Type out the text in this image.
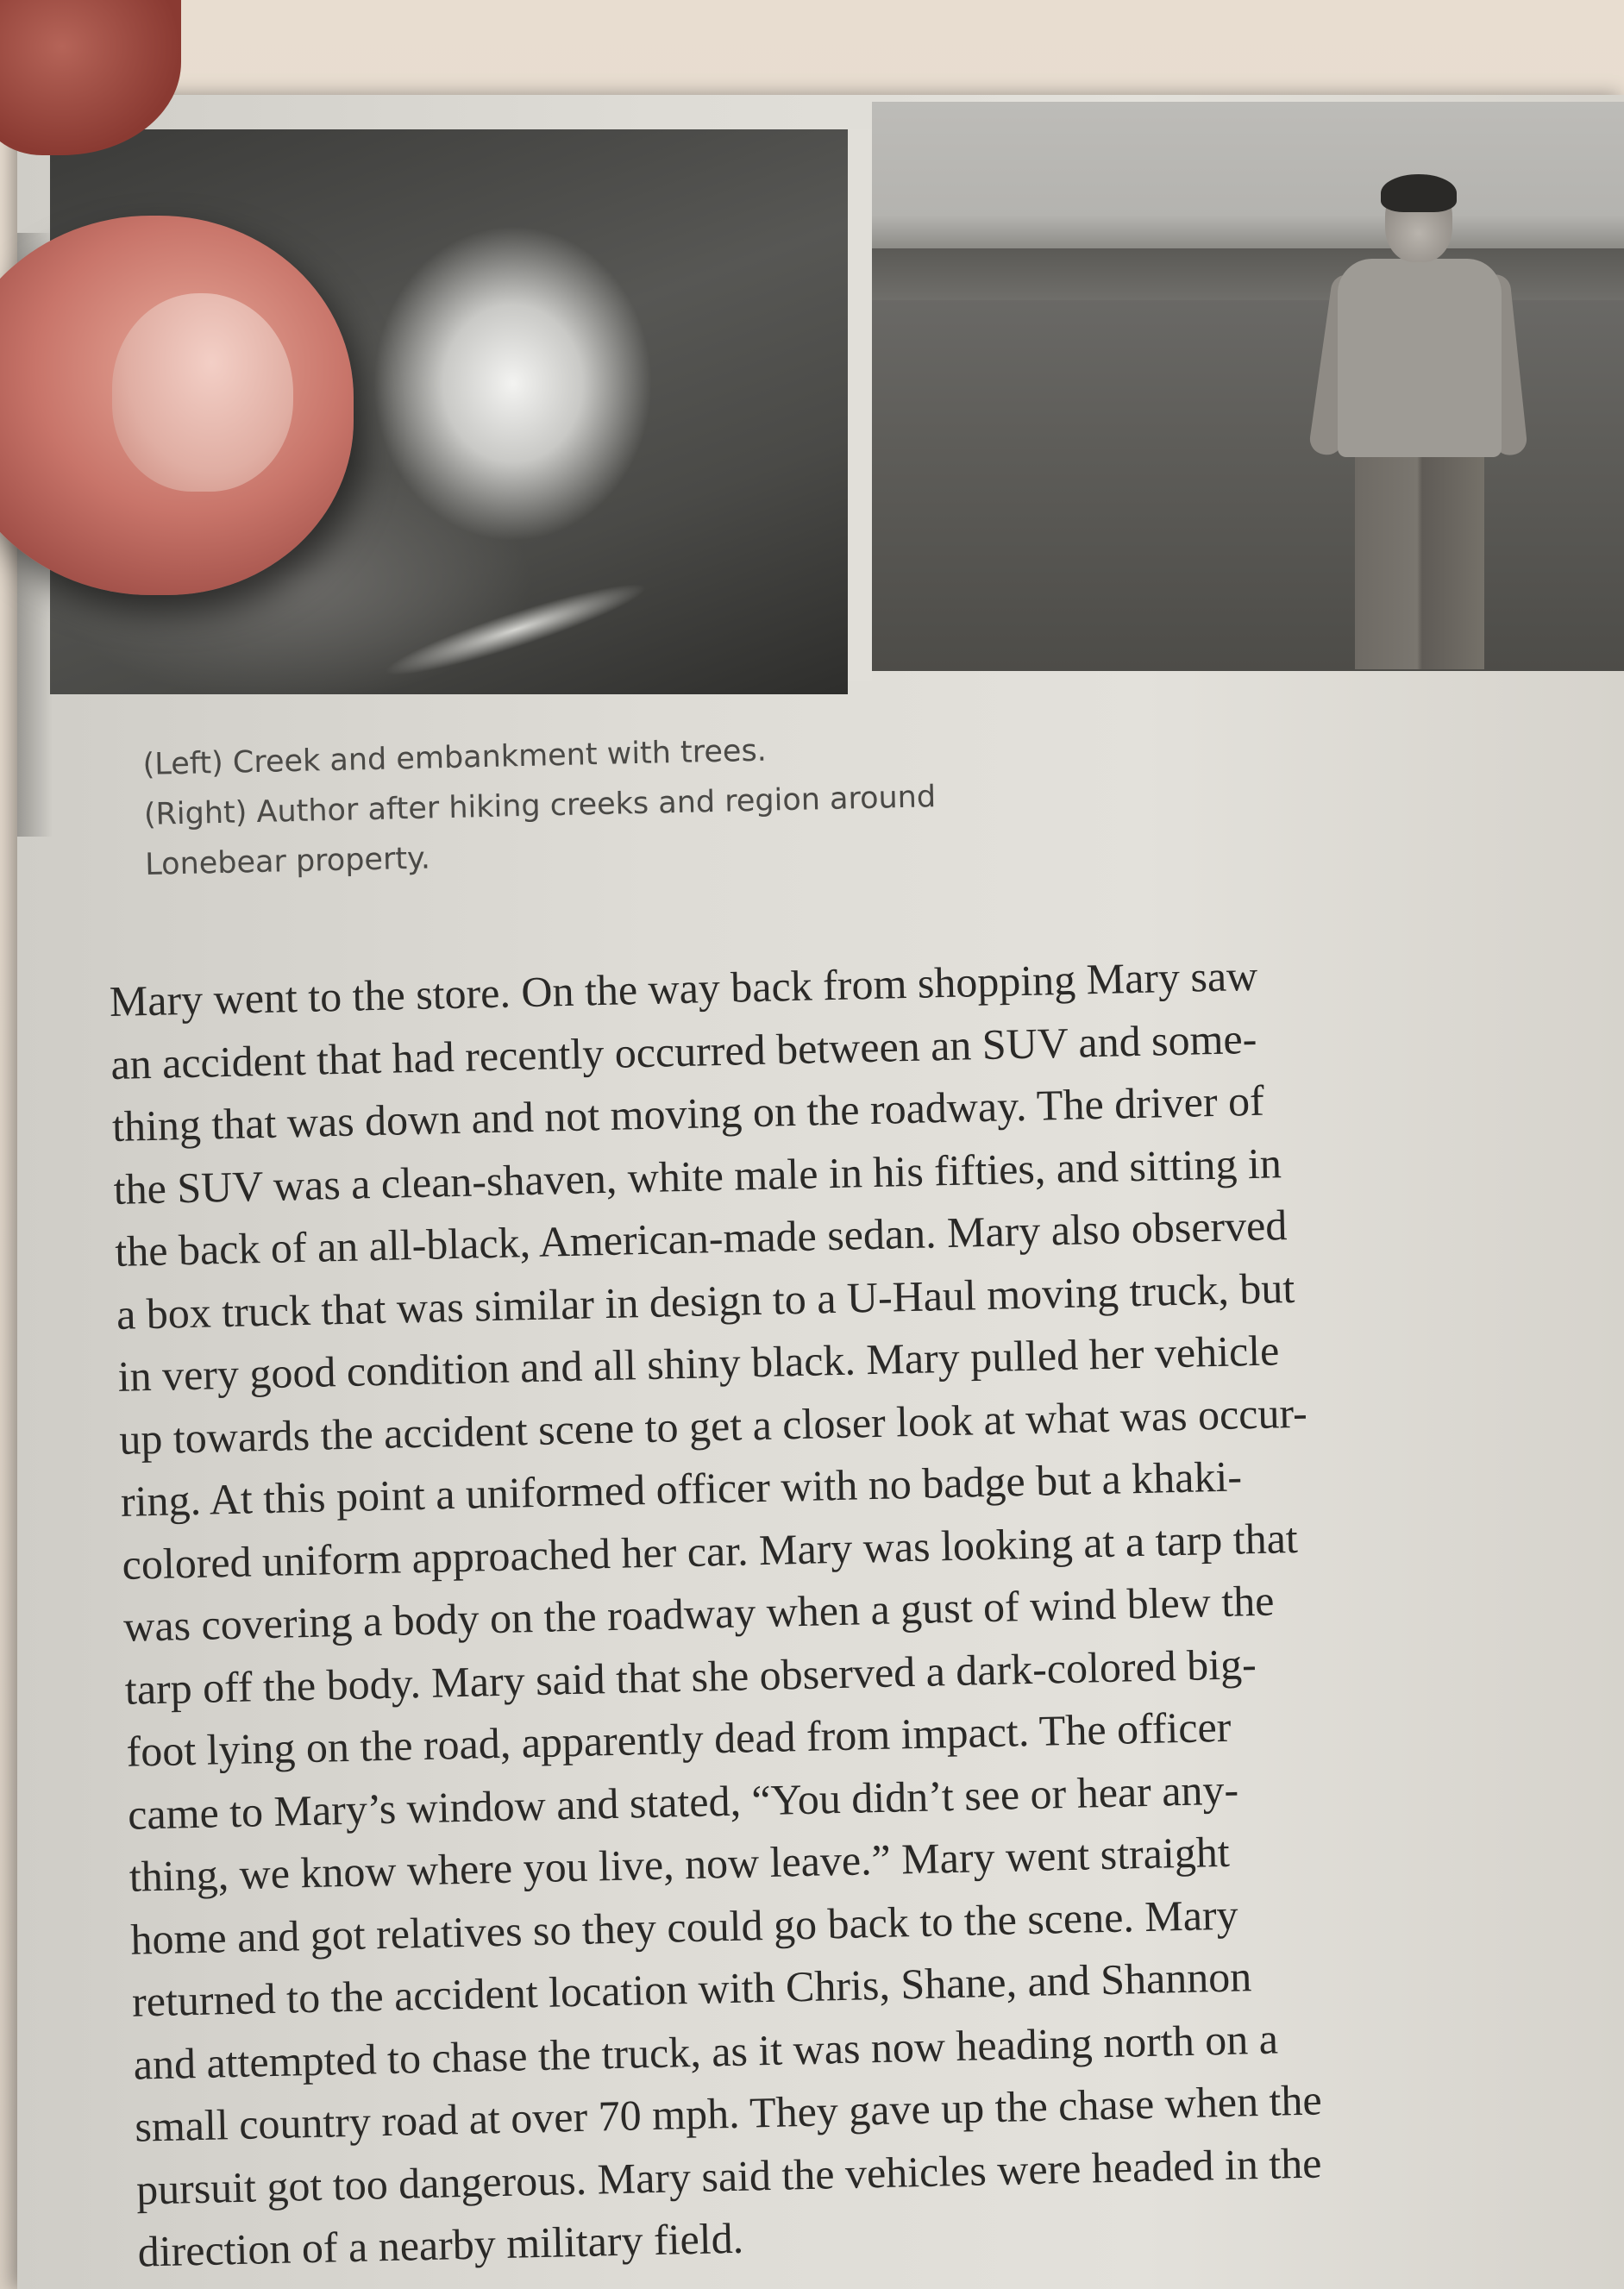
(Left) Creek and embankment with trees.
(Right) Author after hiking creeks and region around
Lonebear property.
Mary went to the store. On the way back from shopping Mary saw
an accident that had recently occurred between an SUV and some-
thing that was down and not moving on the roadway. The driver of
the SUV was a clean-shaven, white male in his fifties, and sitting in
the back of an all-black, American-made sedan. Mary also observed
a box truck that was similar in design to a U-Haul moving truck, but
in very good condition and all shiny black. Mary pulled her vehicle
up towards the accident scene to get a closer look at what was occur-
ring. At this point a uniformed officer with no badge but a khaki-
colored uniform approached her car. Mary was looking at a tarp that
was covering a body on the roadway when a gust of wind blew the
tarp off the body. Mary said that she observed a dark-colored big-
foot lying on the road, apparently dead from impact. The officer
came to Mary’s window and stated, “You didn’t see or hear any-
thing, we know where you live, now leave.” Mary went straight
home and got relatives so they could go back to the scene. Mary
returned to the accident location with Chris, Shane, and Shannon
and attempted to chase the truck, as it was now heading north on a
small country road at over 70 mph. They gave up the chase when the
pursuit got too dangerous. Mary said the vehicles were headed in the
direction of a nearby military field.
